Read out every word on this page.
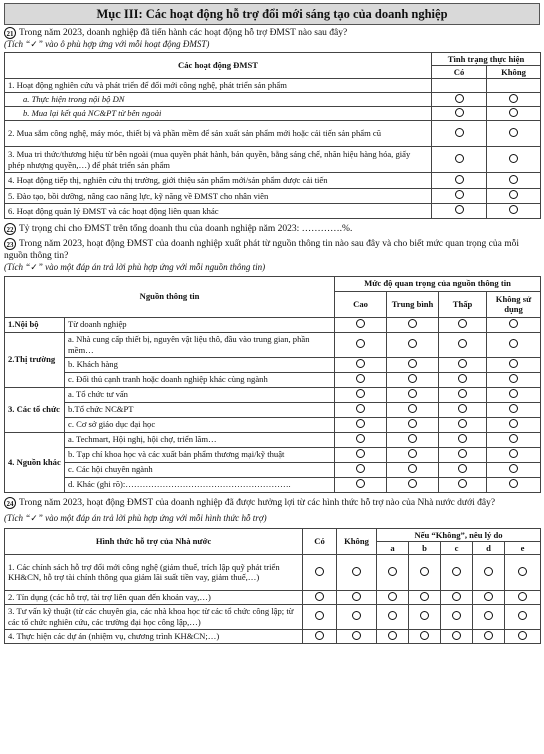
Mục III: Các hoạt động hỗ trợ đổi mới sáng tạo của doanh nghiệp
21 Trong năm 2023, doanh nghiệp đã tiến hành các hoạt động hỗ trợ ĐMST nào sau đây?
(Tích “✓” vào ô phù hợp ứng với mỗi hoạt động ĐMST)
Các hoạt động ĐMST	Tình trạng thực hiện	
	Có	Không
1. Hoạt động nghiên cứu và phát triển để đổi mới công nghệ, phát triển sản phẩm		
a. Thực hiện trong nội bộ DN		
b. Mua lại kết quả NC&PT từ bên ngoài		
2. Mua sắm công nghệ, máy móc, thiết bị và phần mềm để sản xuất sản phẩm mới hoặc cải tiến sản phẩm cũ		
3. Mua tri thức/thương hiệu từ bên ngoài (mua quyền phát hành, bản quyền, bằng sáng chế, nhãn hiệu hàng hóa, giấy phép nhượng quyền,…) để phát triển sản phẩm		
4. Hoạt động tiếp thị, nghiên cứu thị trường, giới thiệu sản phẩm mới/sản phẩm được cải tiến		
5. Đào tạo, bồi dưỡng, nâng cao năng lực, kỹ năng về ĐMST cho nhân viên		
6. Hoạt động quản lý ĐMST và các hoạt động liên quan khác		
22 Tỷ trọng chi cho ĐMST trên tổng doanh thu của doanh nghiệp năm 2023: ………….%.
23 Trong năm 2023, hoạt động ĐMST của doanh nghiệp xuất phát từ nguồn thông tin nào sau đây và cho biết mức quan trọng của mỗi nguồn thông tin?
(Tích “✓” vào một đáp án trả lời phù hợp ứng với mỗi nguồn thông tin)
Nguồn thông tin		Mức độ quan trọng của nguồn thông tin			
		Cao	Trung bình	Thấp	Không sử dụng
1.Nội bộ	Từ doanh nghiệp				
2.Thị trường	a. Nhà cung cấp thiết bị, nguyên vật liệu thô, đầu vào trung gian, phần mềm…				
	b. Khách hàng				
	c. Đối thủ cạnh tranh hoặc doanh nghiệp khác cùng ngành				
3. Các tổ chức	a. Tổ chức tư vấn				
	b.Tổ chức NC&PT				
	c. Cơ sở giáo dục đại học				
4. Nguồn khác	a. Techmart, Hội nghị, hội chợ, triển lãm…				
	b. Tạp chí khoa học và các xuất bản phẩm thương mại/kỹ thuật				
	c. Các hội chuyên ngành				
	d. Khác (ghi rõ):………………………………………………….				
24 Trong năm 2023, hoạt động ĐMST của doanh nghiệp đã được hưởng lợi từ các hình thức hỗ trợ nào của Nhà nước dưới đây?
(Tích “✓” vào một đáp án trả lời phù hợp ứng với mỗi hình thức hỗ trợ)
Hình thức hỗ trợ của Nhà nước	Có	Không	Nếu “Không”, nêu lý do				
			a	b	c	d	e
1. Các chính sách hỗ trợ đổi mới công nghệ (giảm thuế, trích lập quỹ phát triển KH&CN, hỗ trợ tài chính thông qua giảm lãi suất tiền vay, giảm thuế,…)							
2. Tín dụng (các hỗ trợ, tài trợ liên quan đến khoản vay,…)							
3. Tư vấn kỹ thuật (từ các chuyên gia, các nhà khoa học từ các tổ chức công lập; từ các tổ chức nghiên cứu, các trường đại học công lập,…)							
4. Thực hiện các dự án (nhiệm vụ, chương trình KH&CN;…)							
